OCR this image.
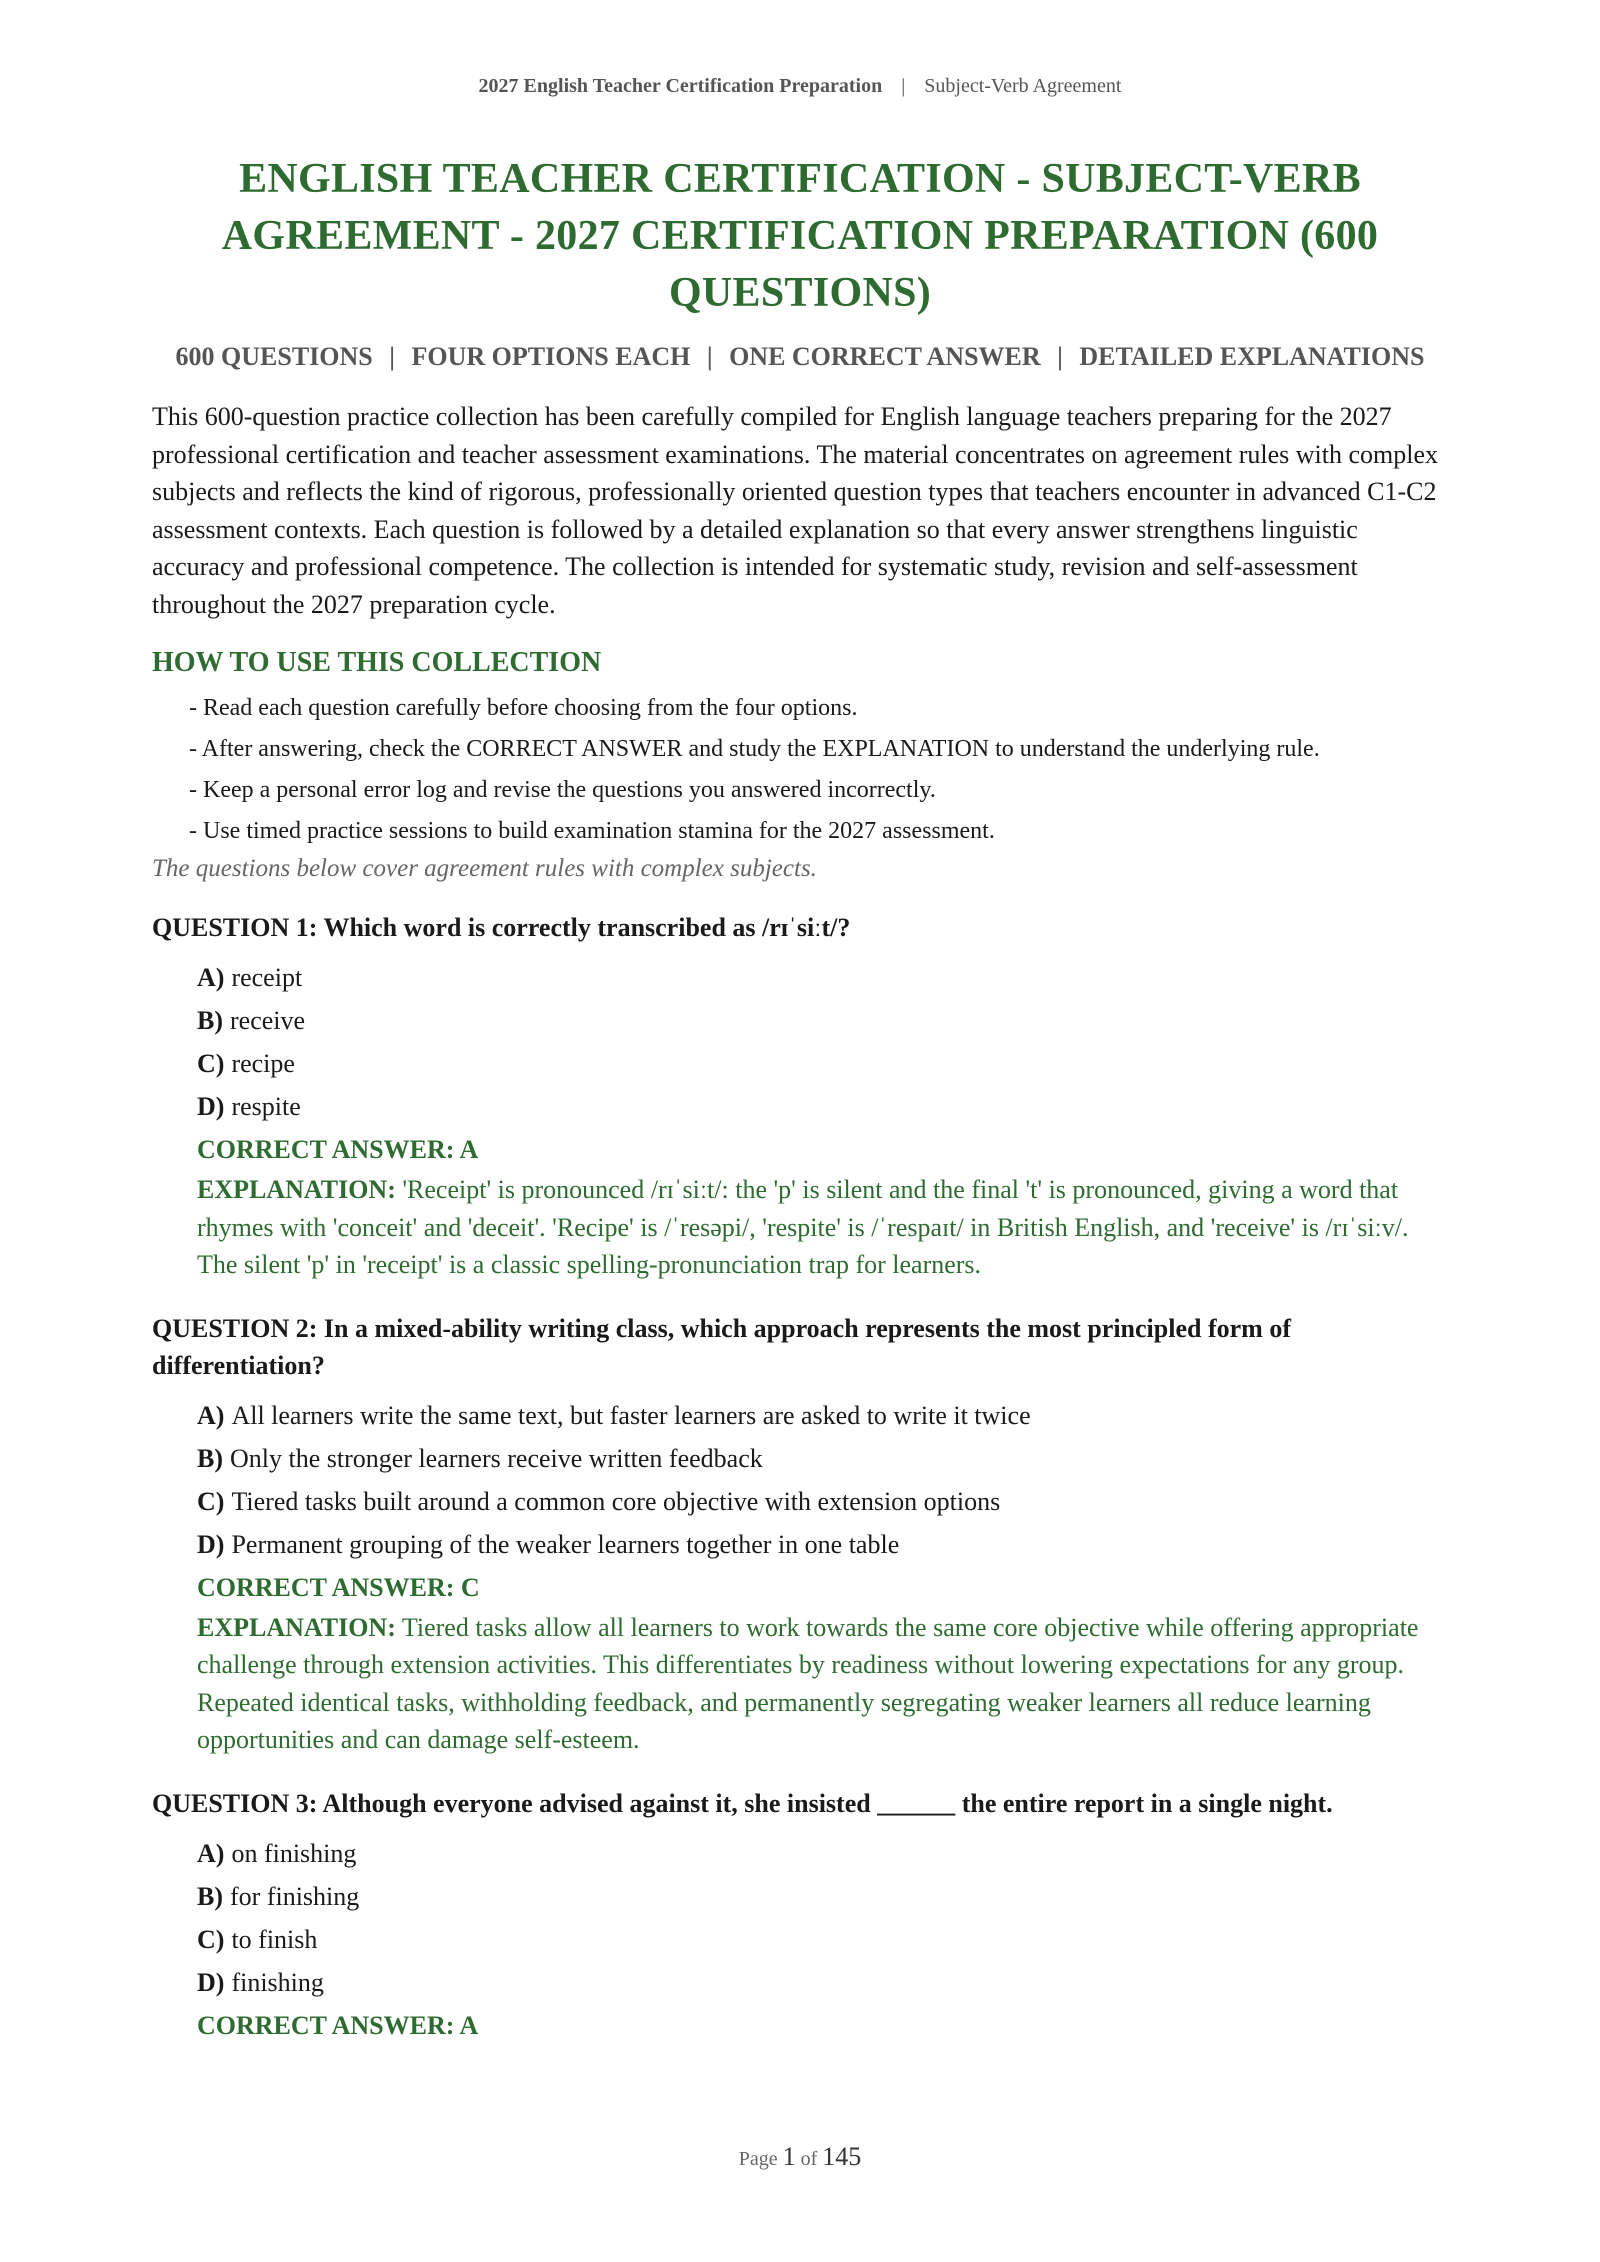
2027 English Teacher Certification Preparation | Subject-Verb Agreement
ENGLISH TEACHER CERTIFICATION - SUBJECT-VERB AGREEMENT - 2027 CERTIFICATION PREPARATION (600 QUESTIONS)
600 QUESTIONS | FOUR OPTIONS EACH | ONE CORRECT ANSWER | DETAILED EXPLANATIONS

This 600-question practice collection has been carefully compiled for English language teachers preparing for the 2027 professional certification and teacher assessment examinations. The material concentrates on agreement rules with complex subjects and reflects the kind of rigorous, professionally oriented question types that teachers encounter in advanced C1-C2 assessment contexts. Each question is followed by a detailed explanation so that every answer strengthens linguistic accuracy and professional competence. The collection is intended for systematic study, revision and self-assessment throughout the 2027 preparation cycle.

HOW TO USE THIS COLLECTION
- Read each question carefully before choosing from the four options.
- After answering, check the CORRECT ANSWER and study the EXPLANATION to understand the underlying rule.
- Keep a personal error log and revise the questions you answered incorrectly.
- Use timed practice sessions to build examination stamina for the 2027 assessment.
The questions below cover agreement rules with complex subjects.
QUESTION 1: Which word is correctly transcribed as /rɪˈsiːt/?
A) receipt
B) receive
C) recipe
D) respite
CORRECT ANSWER: A
EXPLANATION: 'Receipt' is pronounced /rɪˈsiːt/: the 'p' is silent and the final 't' is pronounced, giving a word that rhymes with 'conceit' and 'deceit'. 'Recipe' is /ˈresəpi/, 'respite' is /ˈrespaɪt/ in British English, and 'receive' is /rɪˈsiːv/. The silent 'p' in 'receipt' is a classic spelling-pronunciation trap for learners.
QUESTION 2: In a mixed-ability writing class, which approach represents the most principled form of differentiation?
A) All learners write the same text, but faster learners are asked to write it twice
B) Only the stronger learners receive written feedback
C) Tiered tasks built around a common core objective with extension options
D) Permanent grouping of the weaker learners together in one table
CORRECT ANSWER: C
EXPLANATION: Tiered tasks allow all learners to work towards the same core objective while offering appropriate challenge through extension activities. This differentiates by readiness without lowering expectations for any group. Repeated identical tasks, withholding feedback, and permanently segregating weaker learners all reduce learning opportunities and can damage self-esteem.
QUESTION 3: Although everyone advised against it, she insisted ______ the entire report in a single night.
A) on finishing
B) for finishing
C) to finish
D) finishing
CORRECT ANSWER: A
Page 1 of 145
